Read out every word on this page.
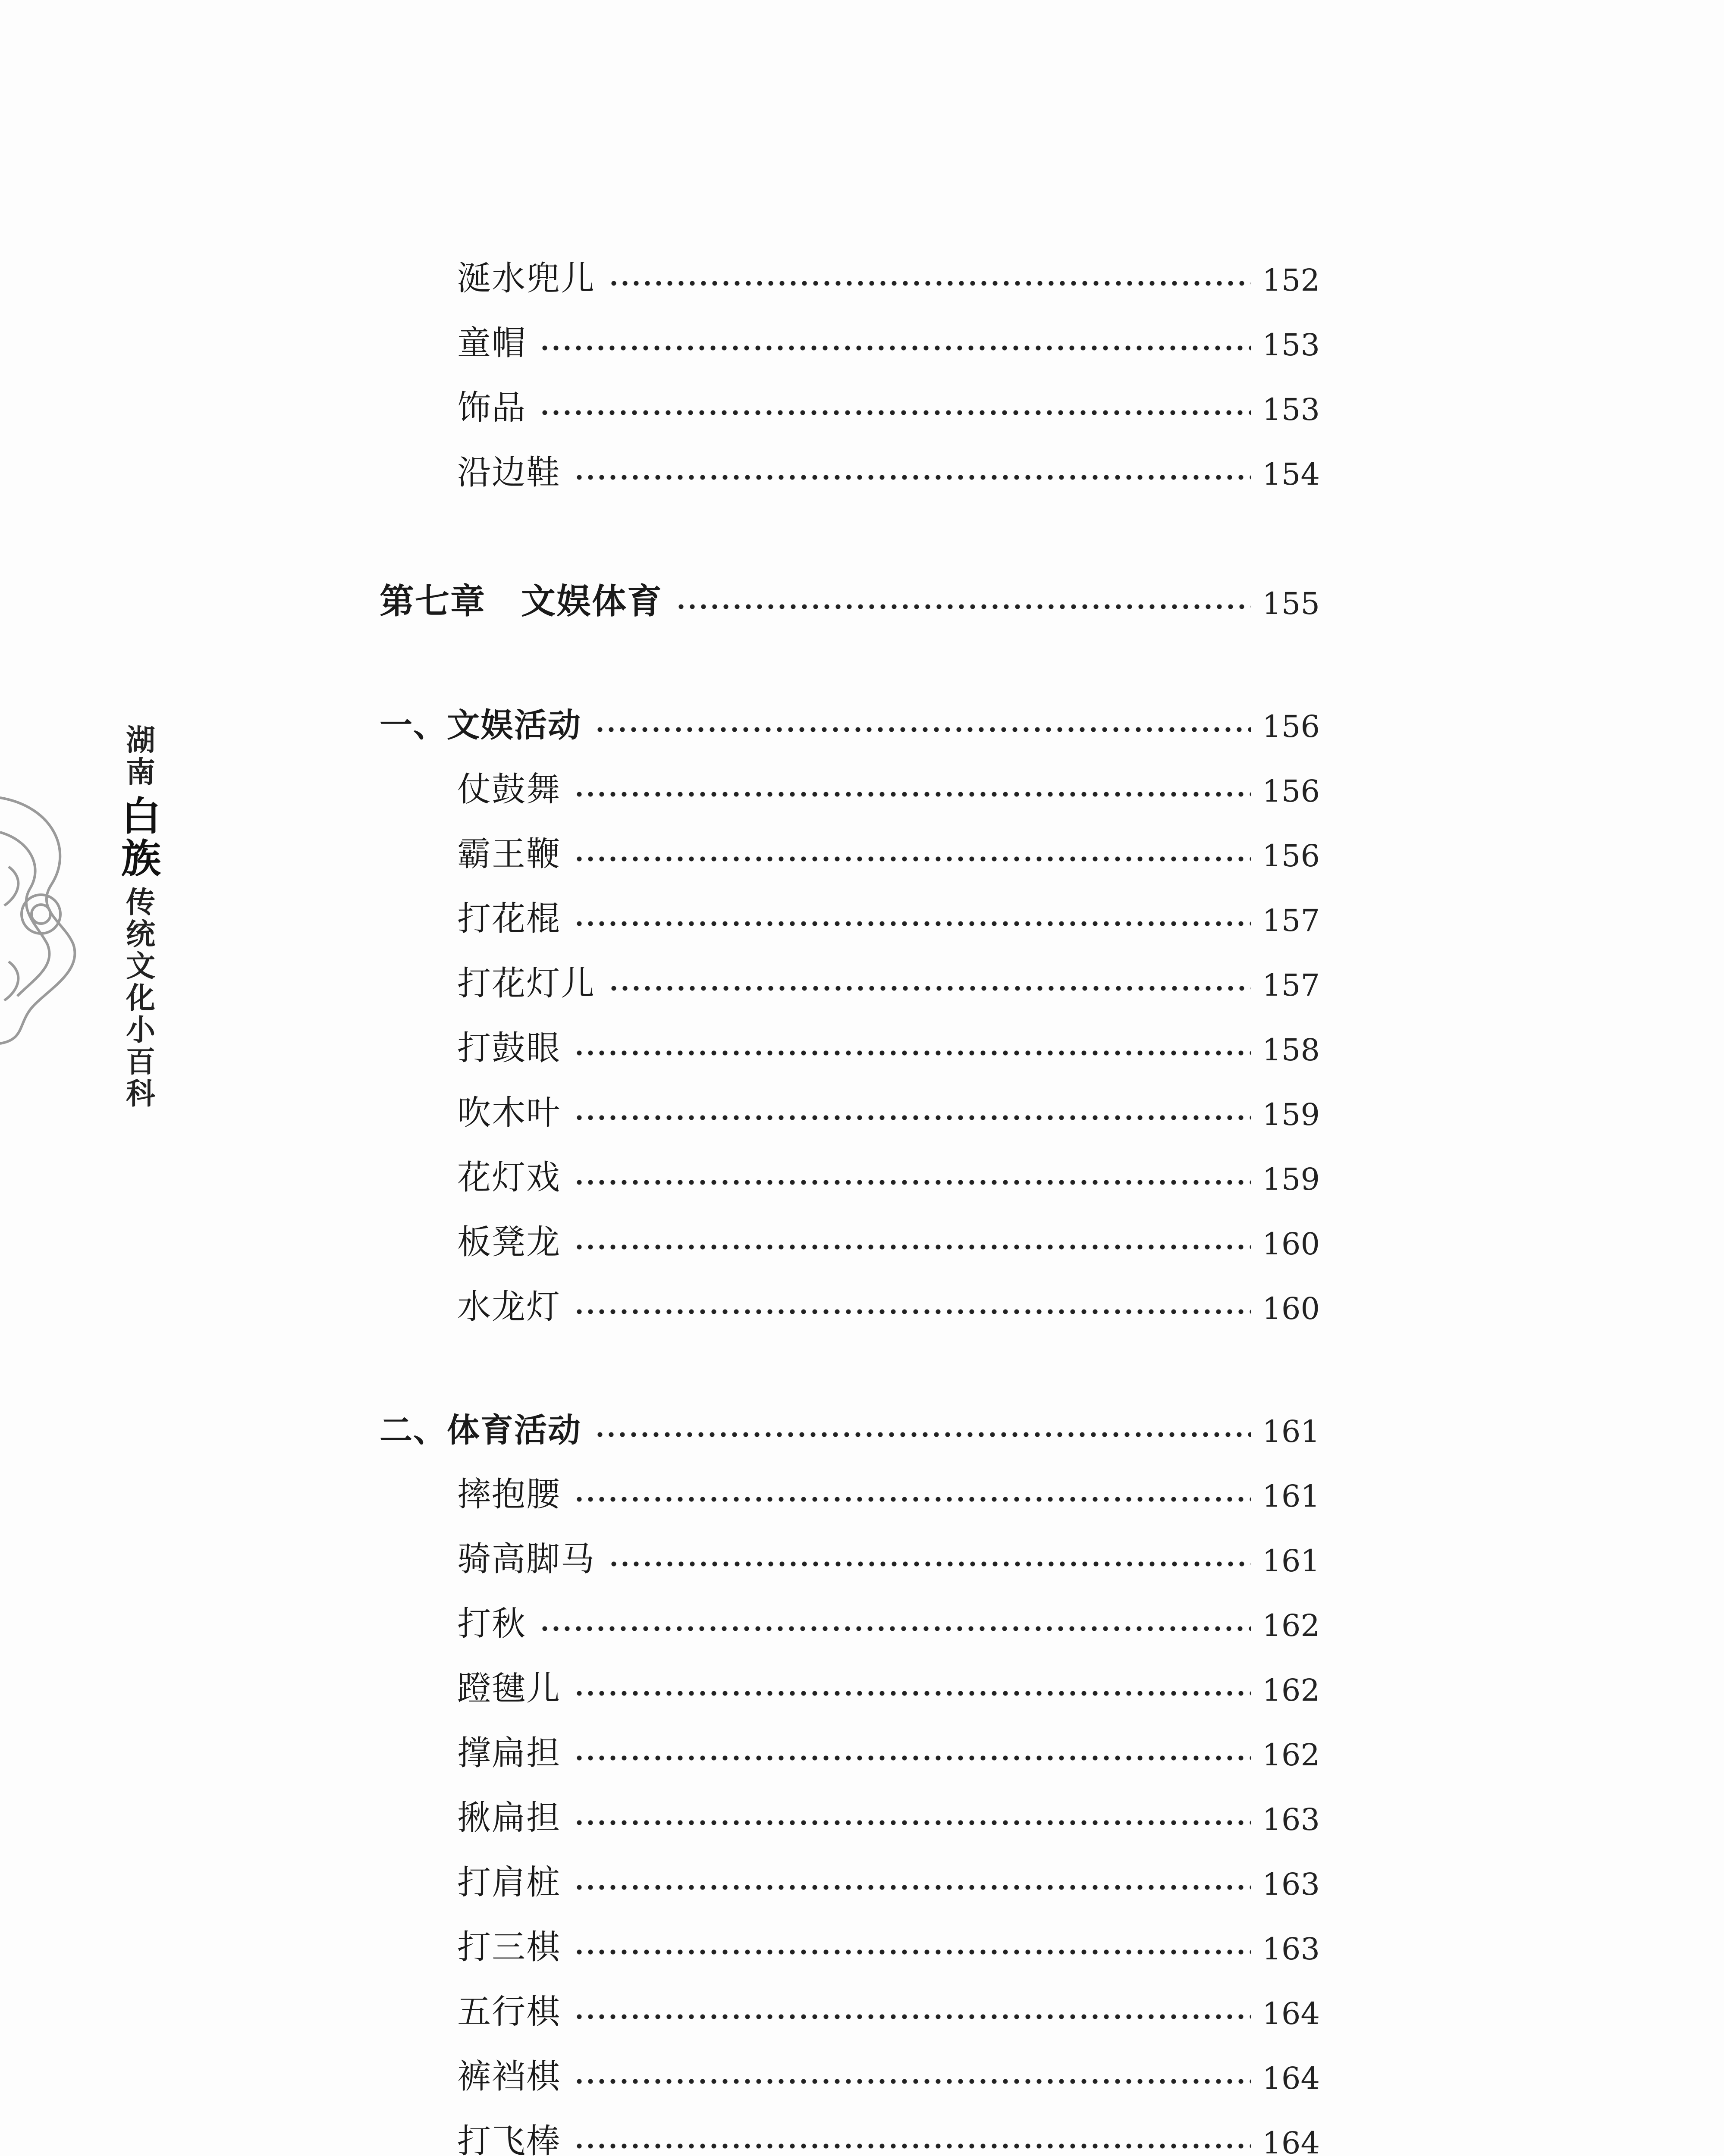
湖南
白族
传统文化小百科
涎水兜儿	152
童帽	153
饰品	153
沿边鞋	154
第七章　文娱体育	155
一、文娱活动	156
仗鼓舞	156
霸王鞭	156
打花棍	157
打花灯儿	157
打鼓眼	158
吹木叶	159
花灯戏	159
板凳龙	160
水龙灯	160
二、体育活动	161
摔抱腰	161
骑高脚马	161
打秋	162
蹬毽儿	162
撑扁担	162
揪扁担	163
打肩桩	163
打三棋	163
五行棋	164
裤裆棋	164
打飞棒	164
